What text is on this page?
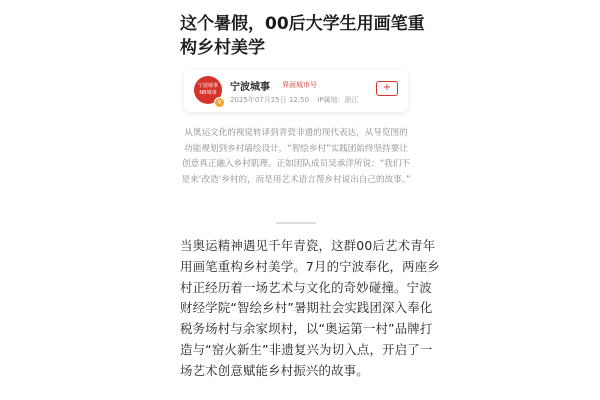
这个暑假，00后大学生用画笔重构乡村美学
宁波城事
NB城事
V
宁波城事 界面城市号
2025年07月25日 12:50 IP属地：浙江
+

从奥运文化的视觉转译到青瓷非遗的现代表达，从导览图的功能规划到乡村墙绘设计，“智绘乡村”实践团始终坚持要让创意真正融入乡村肌理。正如团队成员吴承洋所说：“我们不是来‘改造’乡村的，而是用艺术语言帮乡村说出自己的故事。”

当奥运精神遇见千年青瓷，这群00后艺术青年用画笔重构乡村美学。7月的宁波奉化，两座乡村正经历着一场艺术与文化的奇妙碰撞。宁波财经学院“智绘乡村”暑期社会实践团深入奉化税务场村与余家坝村，以“奥运第一村”品牌打造与“窑火新生”非遗复兴为切入点，开启了一场艺术创意赋能乡村振兴的故事。
